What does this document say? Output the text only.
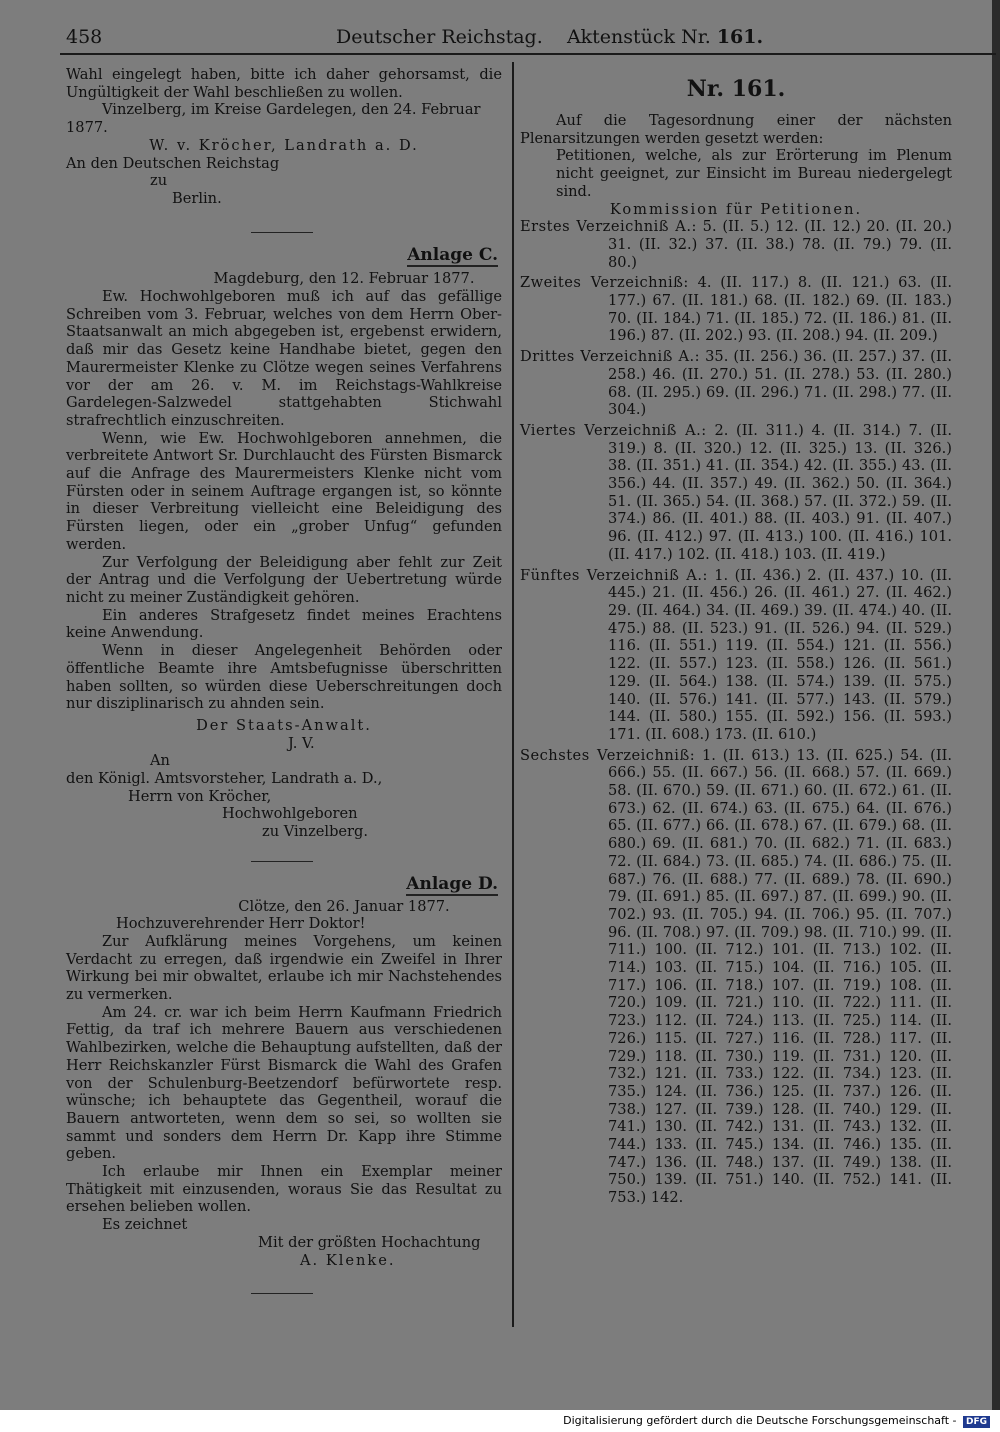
458	Deutscher Reichstag. Aktenstück Nr. 161.

Wahl eingelegt haben, bitte ich daher gehorsamst, die Ungültigkeit der Wahl beschließen zu wollen.

Vinzelberg, im Kreise Gardelegen, den 24. Februar 1877.

W. v. Kröcher, Landrath a. D.

An den Deutschen Reichstag

zu

Berlin.

Anlage C.

Magdeburg, den 12. Februar 1877.

Ew. Hochwohlgeboren muß ich auf das gefällige Schreiben vom 3. Februar, welches von dem Herrn Ober-Staatsanwalt an mich abgegeben ist, ergebenst erwidern, daß mir das Gesetz keine Handhabe bietet, gegen den Maurermeister Klenke zu Clötze wegen seines Verfahrens vor der am 26. v. M. im Reichstags-Wahlkreise Gardelegen-Salzwedel stattgehabten Stichwahl strafrechtlich einzuschreiten.

Wenn, wie Ew. Hochwohlgeboren annehmen, die verbreitete Antwort Sr. Durchlaucht des Fürsten Bismarck auf die Anfrage des Maurermeisters Klenke nicht vom Fürsten oder in seinem Auftrage ergangen ist, so könnte in dieser Verbreitung vielleicht eine Beleidigung des Fürsten liegen, oder ein „grober Unfug“ gefunden werden.

Zur Verfolgung der Beleidigung aber fehlt zur Zeit der Antrag und die Verfolgung der Uebertretung würde nicht zu meiner Zuständigkeit gehören.

Ein anderes Strafgesetz findet meines Erachtens keine Anwendung.

Wenn in dieser Angelegenheit Behörden oder öffentliche Beamte ihre Amtsbefugnisse überschritten haben sollten, so würden diese Ueberschreitungen doch nur disziplinarisch zu ahnden sein.

Der Staats-Anwalt.

J. V.

An

den Königl. Amtsvorsteher, Landrath a. D.,

Herrn von Kröcher,

Hochwohlgeboren

zu Vinzelberg.

Anlage D.

Clötze, den 26. Januar 1877.

Hochzuverehrender Herr Doktor!

Zur Aufklärung meines Vorgehens, um keinen Verdacht zu erregen, daß irgendwie ein Zweifel in Ihrer Wirkung bei mir obwaltet, erlaube ich mir Nachstehendes zu vermerken.

Am 24. cr. war ich beim Herrn Kaufmann Friedrich Fettig, da traf ich mehrere Bauern aus verschiedenen Wahlbezirken, welche die Behauptung aufstellten, daß der Herr Reichskanzler Fürst Bismarck die Wahl des Grafen von der Schulenburg-Beetzendorf befürwortete resp. wünsche; ich behauptete das Gegentheil, worauf die Bauern antworteten, wenn dem so sei, so wollten sie sammt und sonders dem Herrn Dr. Kapp ihre Stimme geben.

Ich erlaube mir Ihnen ein Exemplar meiner Thätigkeit mit einzusenden, woraus Sie das Resultat zu ersehen belieben wollen.

Es zeichnet

Mit der größten Hochachtung

A. Klenke.

Nr. 161.

Auf die Tagesordnung einer der nächsten Plenarsitzungen werden gesetzt werden:

Petitionen, welche, als zur Erörterung im Plenum nicht geeignet, zur Einsicht im Bureau niedergelegt sind.

Kommission für Petitionen.

Erstes Verzeichniß A.: 5. (II. 5.) 12. (II. 12.) 20. (II. 20.) 31. (II. 32.) 37. (II. 38.) 78. (II. 79.) 79. (II. 80.)

Zweites Verzeichniß: 4. (II. 117.) 8. (II. 121.) 63. (II. 177.) 67. (II. 181.) 68. (II. 182.) 69. (II. 183.) 70. (II. 184.) 71. (II. 185.) 72. (II. 186.) 81. (II. 196.) 87. (II. 202.) 93. (II. 208.) 94. (II. 209.)

Drittes Verzeichniß A.: 35. (II. 256.) 36. (II. 257.) 37. (II. 258.) 46. (II. 270.) 51. (II. 278.) 53. (II. 280.) 68. (II. 295.) 69. (II. 296.) 71. (II. 298.) 77. (II. 304.)

Viertes Verzeichniß A.: 2. (II. 311.) 4. (II. 314.) 7. (II. 319.) 8. (II. 320.) 12. (II. 325.) 13. (II. 326.) 38. (II. 351.) 41. (II. 354.) 42. (II. 355.) 43. (II. 356.) 44. (II. 357.) 49. (II. 362.) 50. (II. 364.) 51. (II. 365.) 54. (II. 368.) 57. (II. 372.) 59. (II. 374.) 86. (II. 401.) 88. (II. 403.) 91. (II. 407.) 96. (II. 412.) 97. (II. 413.) 100. (II. 416.) 101. (II. 417.) 102. (II. 418.) 103. (II. 419.)

Fünftes Verzeichniß A.: 1. (II. 436.) 2. (II. 437.) 10. (II. 445.) 21. (II. 456.) 26. (II. 461.) 27. (II. 462.) 29. (II. 464.) 34. (II. 469.) 39. (II. 474.) 40. (II. 475.) 88. (II. 523.) 91. (II. 526.) 94. (II. 529.) 116. (II. 551.) 119. (II. 554.) 121. (II. 556.) 122. (II. 557.) 123. (II. 558.) 126. (II. 561.) 129. (II. 564.) 138. (II. 574.) 139. (II. 575.) 140. (II. 576.) 141. (II. 577.) 143. (II. 579.) 144. (II. 580.) 155. (II. 592.) 156. (II. 593.) 171. (II. 608.) 173. (II. 610.)

Sechstes Verzeichniß: 1. (II. 613.) 13. (II. 625.) 54. (II. 666.) 55. (II. 667.) 56. (II. 668.) 57. (II. 669.) 58. (II. 670.) 59. (II. 671.) 60. (II. 672.) 61. (II. 673.) 62. (II. 674.) 63. (II. 675.) 64. (II. 676.) 65. (II. 677.) 66. (II. 678.) 67. (II. 679.) 68. (II. 680.) 69. (II. 681.) 70. (II. 682.) 71. (II. 683.) 72. (II. 684.) 73. (II. 685.) 74. (II. 686.) 75. (II. 687.) 76. (II. 688.) 77. (II. 689.) 78. (II. 690.) 79. (II. 691.) 85. (II. 697.) 87. (II. 699.) 90. (II. 702.) 93. (II. 705.) 94. (II. 706.) 95. (II. 707.) 96. (II. 708.) 97. (II. 709.) 98. (II. 710.) 99. (II. 711.) 100. (II. 712.) 101. (II. 713.) 102. (II. 714.) 103. (II. 715.) 104. (II. 716.) 105. (II. 717.) 106. (II. 718.) 107. (II. 719.) 108. (II. 720.) 109. (II. 721.) 110. (II. 722.) 111. (II. 723.) 112. (II. 724.) 113. (II. 725.) 114. (II. 726.) 115. (II. 727.) 116. (II. 728.) 117. (II. 729.) 118. (II. 730.) 119. (II. 731.) 120. (II. 732.) 121. (II. 733.) 122. (II. 734.) 123. (II. 735.) 124. (II. 736.) 125. (II. 737.) 126. (II. 738.) 127. (II. 739.) 128. (II. 740.) 129. (II. 741.) 130. (II. 742.) 131. (II. 743.) 132. (II. 744.) 133. (II. 745.) 134. (II. 746.) 135. (II. 747.) 136. (II. 748.) 137. (II. 749.) 138. (II. 750.) 139. (II. 751.) 140. (II. 752.) 141. (II. 753.) 142.

Digitalisierung gefördert durch die Deutsche Forschungsgemeinschaft - DFG
